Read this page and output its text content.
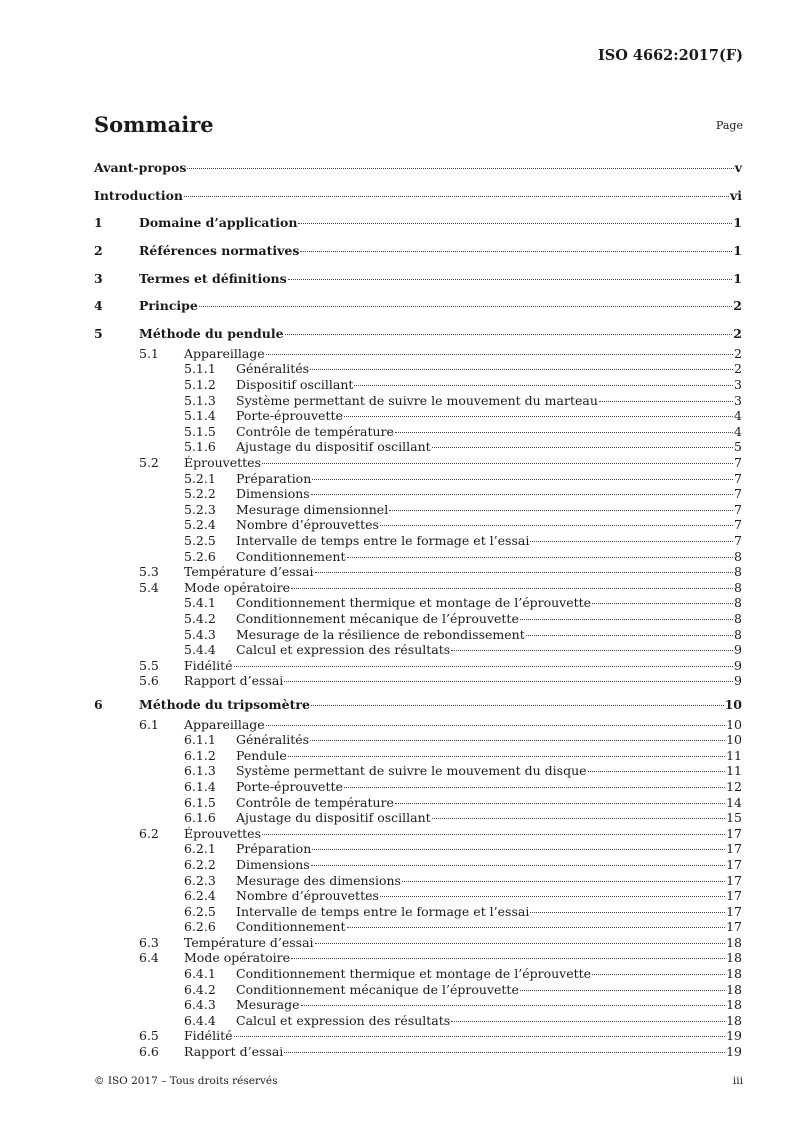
ISO 4662:2017(F)
Sommaire	Page
Avant-propos	v
Introduction	vi
1	Domaine d’application	1
2	Références normatives	1
3	Termes et définitions	1
4	Principe	2
5	Méthode du pendule	2
5.1	Appareillage	2
5.1.1	Généralités	2
5.1.2	Dispositif oscillant	3
5.1.3	Système permettant de suivre le mouvement du marteau	3
5.1.4	Porte-éprouvette	4
5.1.5	Contrôle de température	4
5.1.6	Ajustage du dispositif oscillant	5
5.2	Éprouvettes	7
5.2.1	Préparation	7
5.2.2	Dimensions	7
5.2.3	Mesurage dimensionnel	7
5.2.4	Nombre d’éprouvettes	7
5.2.5	Intervalle de temps entre le formage et l’essai	7
5.2.6	Conditionnement	8
5.3	Température d’essai	8
5.4	Mode opératoire	8
5.4.1	Conditionnement thermique et montage de l’éprouvette	8
5.4.2	Conditionnement mécanique de l’éprouvette	8
5.4.3	Mesurage de la résilience de rebondissement	8
5.4.4	Calcul et expression des résultats	9
5.5	Fidélité	9
5.6	Rapport d’essai	9
6	Méthode du tripsomètre	10
6.1	Appareillage	10
6.1.1	Généralités	10
6.1.2	Pendule	11
6.1.3	Système permettant de suivre le mouvement du disque	11
6.1.4	Porte-éprouvette	12
6.1.5	Contrôle de température	14
6.1.6	Ajustage du dispositif oscillant	15
6.2	Éprouvettes	17
6.2.1	Préparation	17
6.2.2	Dimensions	17
6.2.3	Mesurage des dimensions	17
6.2.4	Nombre d’éprouvettes	17
6.2.5	Intervalle de temps entre le formage et l’essai	17
6.2.6	Conditionnement	17
6.3	Température d’essai	18
6.4	Mode opératoire	18
6.4.1	Conditionnement thermique et montage de l’éprouvette	18
6.4.2	Conditionnement mécanique de l’éprouvette	18
6.4.3	Mesurage	18
6.4.4	Calcul et expression des résultats	18
6.5	Fidélité	19
6.6	Rapport d’essai	19
© ISO 2017 – Tous droits réservés	iii
